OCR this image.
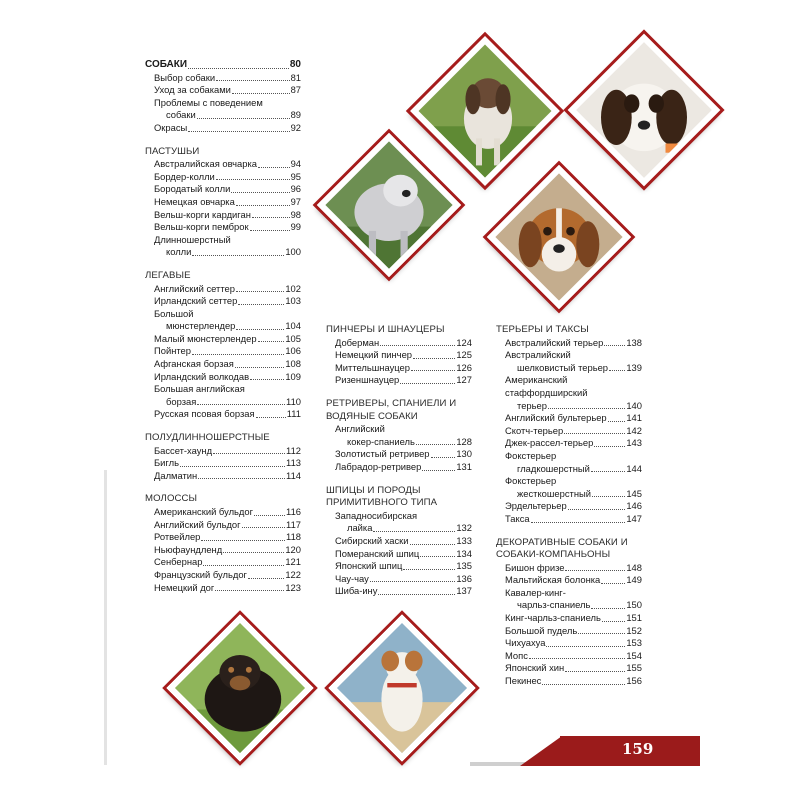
СОБАКИ	80
Выбор собаки	81
Уход за собаками	87
Проблемы с поведением
собаки	89
Окрасы	92
ПАСТУШЬИ
Австралийская овчарка	94
Бордер-колли	95
Бородатый колли	96
Немецкая овчарка	97
Вельш-корги кардиган	98
Вельш-корги пемброк	99
Длинношерстный
колли	100
ЛЕГАВЫЕ
Английский сеттер	102
Ирландский сеттер	103
Большой
мюнстерлендер	104
Малый мюнстерлендер	105
Пойнтер	106
Афганская борзая	108
Ирландский волкодав	109
Большая английская
борзая	110
Русская псовая борзая	111
ПОЛУДЛИННОШЕРСТНЫЕ
Бассет-хаунд	112
Бигль	113
Далматин	114
МОЛОССЫ
Американский бульдог	116
Английский бульдог	117
Ротвейлер	118
Ньюфаундленд	120
Сенбернар	121
Французский бульдог	122
Немецкий дог	123
ПИНЧЕРЫ И ШНАУЦЕРЫ
Доберман	124
Немецкий пинчер	125
Миттельшнауцер	126
Ризеншнауцер	127
РЕТРИВЕРЫ, СПАНИЕЛИ И ВОДЯНЫЕ СОБАКИ
Английский
кокер-спаниель	128
Золотистый ретривер	130
Лабрадор-ретривер	131
ШПИЦЫ И ПОРОДЫ ПРИМИТИВНОГО ТИПА
Западносибирская
лайка	132
Сибирский хаски	133
Померанский шпиц	134
Японский шпиц	135
Чау-чау	136
Шиба-ину	137
ТЕРЬЕРЫ И ТАКСЫ
Австралийский терьер 138
Австралийский
шелковистый терьер 139
Американский
стаффордширский
терьер	140
Английский бультерьер 141
Скотч-терьер	142
Джек-рассел-терьер	143
Фокстерьер
гладкошерстный	144
Фокстерьер
жесткошерстный	145
Эрдельтерьер	146
Такса	147
ДЕКОРАТИВНЫЕ СОБАКИ И СОБАКИ-КОМПАНЬОНЫ
Бишон фризе	148
Мальтийская болонка	149
Кавалер-кинг-
чарльз-спаниель	150
Кинг-чарльз-спаниель	151
Большой пудель	152
Чихуахуа	153
Мопс	154
Японский хин	155
Пекинес	156
159
